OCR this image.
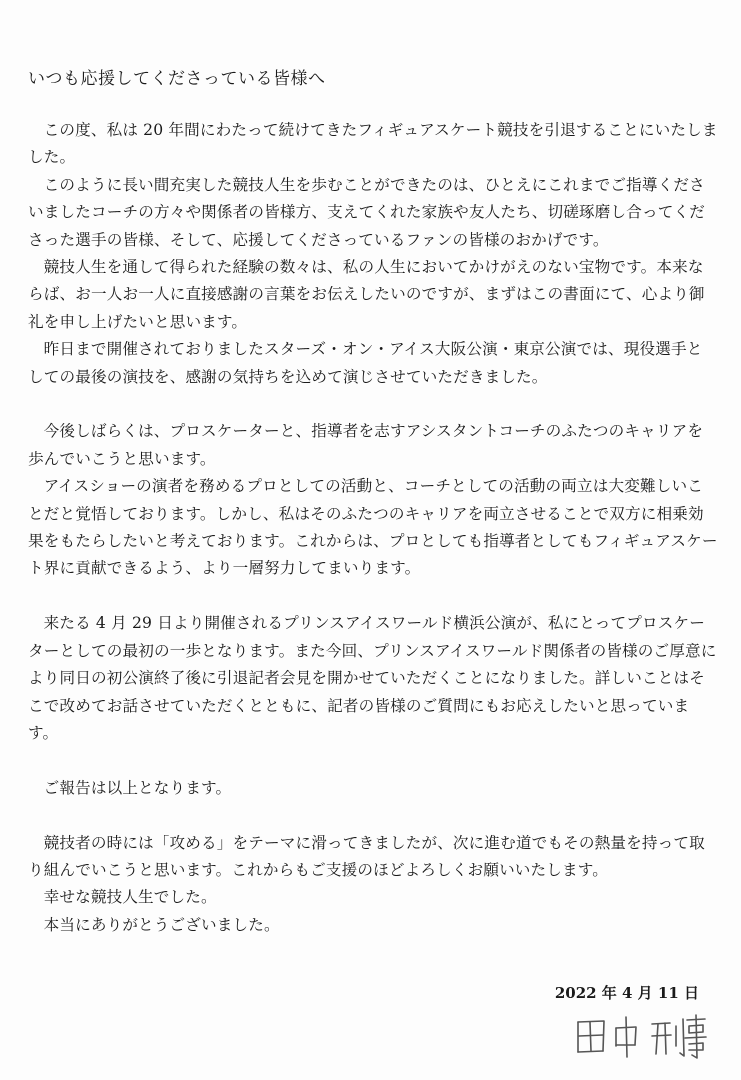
いつも応援してくださっている皆様へ

この度、私は 20 年間にわたって続けてきたフィギュアスケート競技を引退することにいたしました。

このように長い間充実した競技人生を歩むことができたのは、ひとえにこれまでご指導くださいましたコーチの方々や関係者の皆様方、支えてくれた家族や友人たち、切磋琢磨し合ってくださった選手の皆様、そして、応援してくださっているファンの皆様のおかげです。

競技人生を通して得られた経験の数々は、私の人生においてかけがえのない宝物です。本来ならば、お一人お一人に直接感謝の言葉をお伝えしたいのですが、まずはこの書面にて、心より御礼を申し上げたいと思います。

昨日まで開催されておりましたスターズ・オン・アイス大阪公演・東京公演では、現役選手としての最後の演技を、感謝の気持ちを込めて演じさせていただきました。

今後しばらくは、プロスケーターと、指導者を志すアシスタントコーチのふたつのキャリアを歩んでいこうと思います。

アイスショーの演者を務めるプロとしての活動と、コーチとしての活動の両立は大変難しいことだと覚悟しております。しかし、私はそのふたつのキャリアを両立させることで双方に相乗効果をもたらしたいと考えております。これからは、プロとしても指導者としてもフィギュアスケート界に貢献できるよう、より一層努力してまいります。

来たる 4 月 29 日より開催されるプリンスアイスワールド横浜公演が、私にとってプロスケーターとしての最初の一歩となります。また今回、プリンスアイスワールド関係者の皆様のご厚意により同日の初公演終了後に引退記者会見を開かせていただくことになりました。詳しいことはそこで改めてお話させていただくとともに、記者の皆様のご質問にもお応えしたいと思っています。

ご報告は以上となります。

競技者の時には「攻める」をテーマに滑ってきましたが、次に進む道でもその熱量を持って取り組んでいこうと思います。これからもご支援のほどよろしくお願いいたします。

幸せな競技人生でした。

本当にありがとうございました。

2022 年 4 月 11 日
